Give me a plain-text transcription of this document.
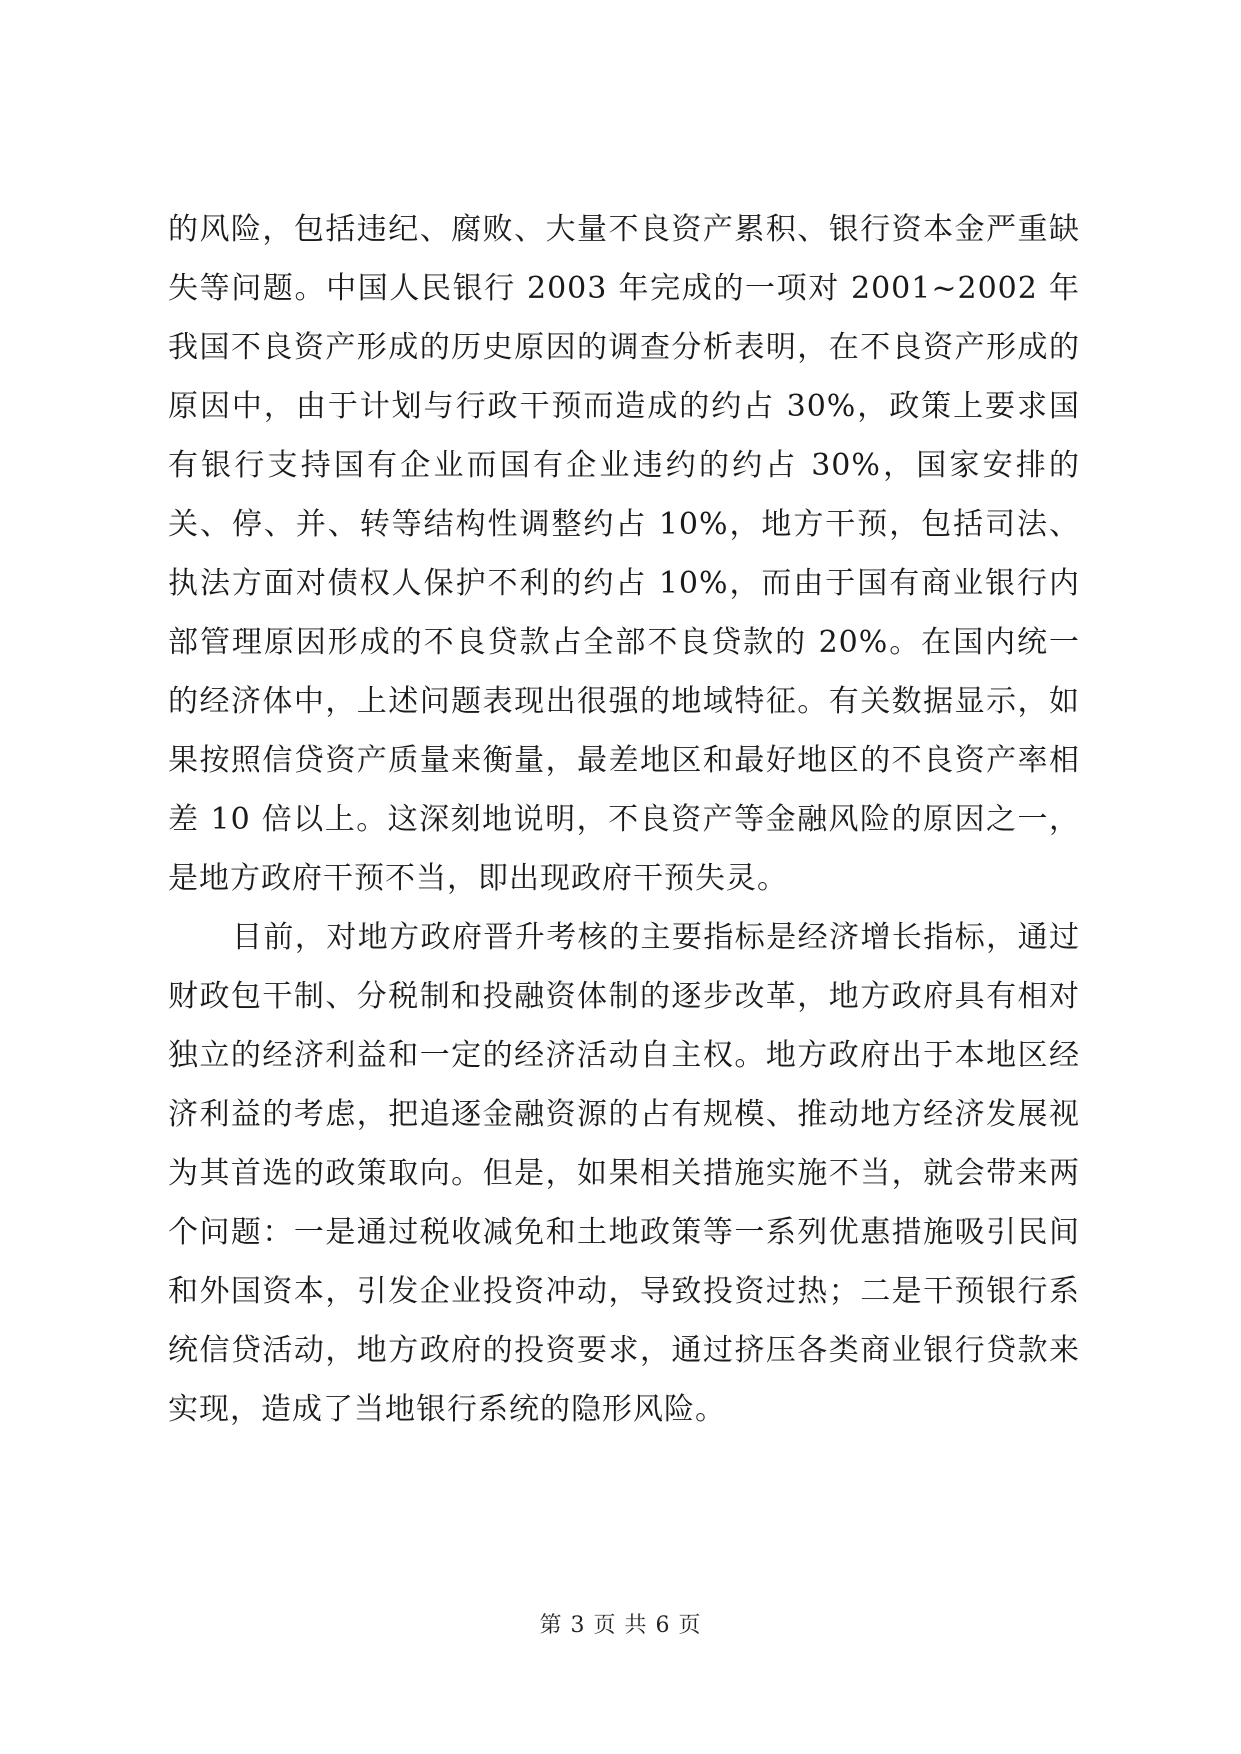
的风险，包括违纪、腐败、大量不良资产累积、银行资本金严重缺失等问题。中国人民银行 2003 年完成的一项对 2001~2002 年我国不良资产形成的历史原因的调查分析表明，在不良资产形成的原因中，由于计划与行政干预而造成的约占 30%，政策上要求国有银行支持国有企业而国有企业违约的约占 30%，国家安排的关、停、并、转等结构性调整约占 10%，地方干预，包括司法、执法方面对债权人保护不利的约占 10%，而由于国有商业银行内部管理原因形成的不良贷款占全部不良贷款的 20%。在国内统一的经济体中，上述问题表现出很强的地域特征。有关数据显示，如果按照信贷资产质量来衡量，最差地区和最好地区的不良资产率相差 10 倍以上。这深刻地说明，不良资产等金融风险的原因之一，是地方政府干预不当，即出现政府干预失灵。

目前，对地方政府晋升考核的主要指标是经济增长指标，通过财政包干制、分税制和投融资体制的逐步改革，地方政府具有相对独立的经济利益和一定的经济活动自主权。地方政府出于本地区经济利益的考虑，把追逐金融资源的占有规模、推动地方经济发展视为其首选的政策取向。但是，如果相关措施实施不当，就会带来两个问题：一是通过税收减免和土地政策等一系列优惠措施吸引民间和外国资本，引发企业投资冲动，导致投资过热；二是干预银行系统信贷活动，地方政府的投资要求，通过挤压各类商业银行贷款来实现，造成了当地银行系统的隐形风险。

第 3 页 共 6 页
